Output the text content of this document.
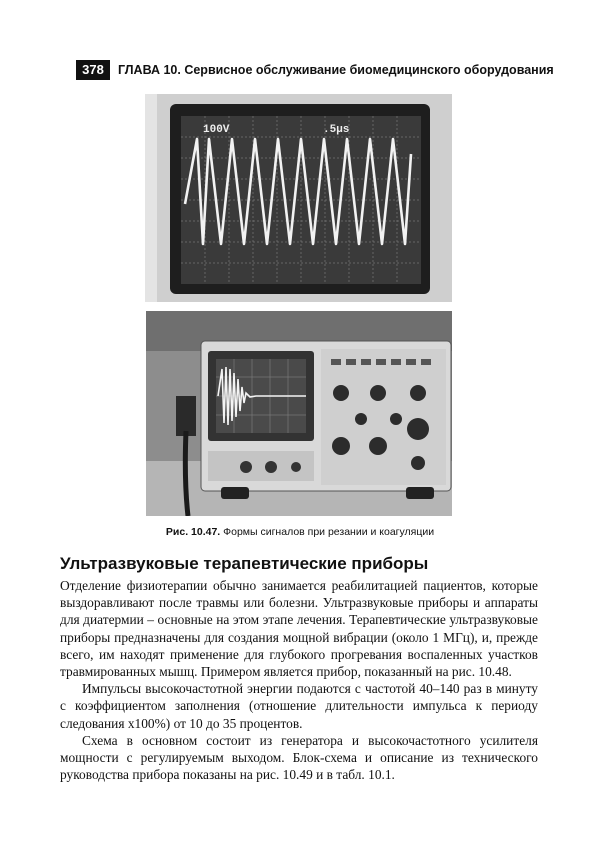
378	ГЛАВА 10. Сервисное обслуживание биомедицинского оборудования
100V	.5µs
Рис. 10.47. Формы сигналов при резании и коагуляции
Ультразвуковые терапевтические приборы

Отделение физиотерапии обычно занимается реабилитацией пациентов, которые выздоравливают после травмы или болезни. Ультразвуковые приборы и аппараты для диатермии – основные на этом этапе лечения. Терапевтические ультразвуковые приборы предназначены для создания мощной вибрации (около 1 МГц), и, прежде всего, им находят применение для глубокого прогревания воспаленных участков травмированных мышц. Примером является прибор, показанный на рис. 10.48.

Импульсы высокочастотной энергии подаются с частотой 40–140 раз в минуту с коэффициентом заполнения (отношение длительности импульса к периоду следования х100%) от 10 до 35 процентов.

Схема в основном состоит из генератора и высокочастотного усилителя мощности с регулируемым выходом. Блок-схема и описание из технического руководства прибора показаны на рис. 10.49 и в табл. 10.1.
